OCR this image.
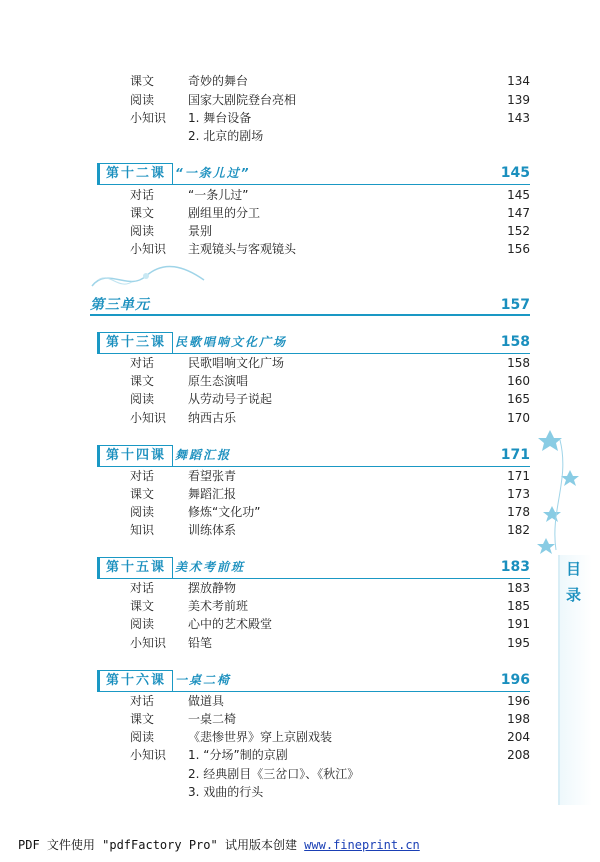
课文	奇妙的舞台	134
阅读	国家大剧院登台亮相	139
小知识	1. 舞台设备	143
2. 北京的剧场
第十二课 “一条儿过”	145
对话	“一条儿过”	145
课文	剧组里的分工	147
阅读	景别	152
小知识	主观镜头与客观镜头	156
第三单元	157
第十三课 民歌唱响文化广场	158
对话	民歌唱响文化广场	158
课文	原生态演唱	160
阅读	从劳动号子说起	165
小知识	纳西古乐	170
第十四课 舞蹈汇报	171
对话	看望张青	171
课文	舞蹈汇报	173
阅读	修炼“文化功”	178
知识	训练体系	182
第十五课 美术考前班	183
对话	摆放静物	183
课文	美术考前班	185
阅读	心中的艺术殿堂	191
小知识	铅笔	195
第十六课 一桌二椅	196
对话	做道具	196
课文	一桌二椅	198
阅读	《悲惨世界》穿上京剧戏装	204
小知识	1. “分场”制的京剧	208
2. 经典剧目《三岔口》、《秋江》
3. 戏曲的行头
目
录
PDF 文件使用 "pdfFactory Pro" 试用版本创建 www.fineprint.cn
